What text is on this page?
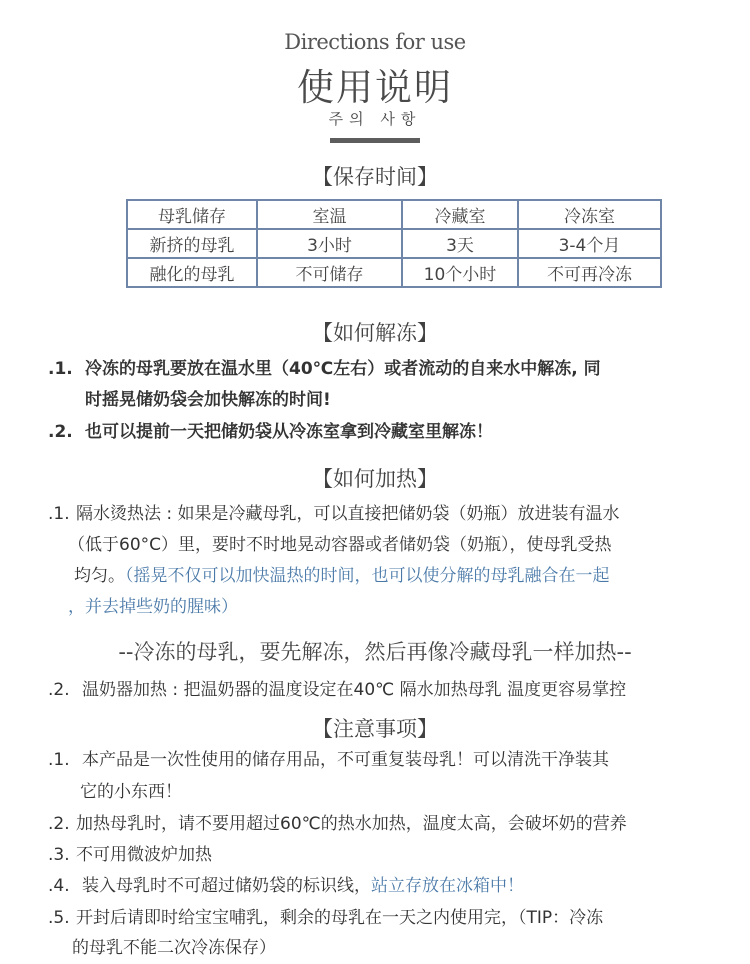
Directions for use
使用说明
주의 사항
【保存时间】
母乳储存	室温	冷藏室	冷冻室
新挤的母乳	3小时	3天	3-4个月
融化的母乳	不可储存	10个小时	不可再冷冻
【如何解冻】
.1. 冷冻的母乳要放在温水里（40℃左右）或者流动的自来水中解冻, 同
时摇晃储奶袋会加快解冻的时间!
.2. 也可以提前一天把储奶袋从冷冻室拿到冷藏室里解冻！
【如何加热】
.1. 隔水烫热法 : 如果是冷藏母乳，可以直接把储奶袋（奶瓶）放进装有温水
（低于60°C）里，要时不时地晃动容器或者储奶袋（奶瓶），使母乳受热
均匀。（摇晃不仅可以加快温热的时间，也可以使分解的母乳融合在一起
，并去掉些奶的腥味）
--冷冻的母乳，要先解冻，然后再像冷藏母乳一样加热--
.2. 温奶器加热 : 把温奶器的温度设定在40℃ 隔水加热母乳 温度更容易掌控
【注意事项】
.1. 本产品是一次性使用的储存用品，不可重复装母乳！可以清洗干净装其
它的小东西！
.2. 加热母乳时，请不要用超过60℃的热水加热，温度太高，会破坏奶的营养
.3. 不可用微波炉加热
.4. 装入母乳时不可超过储奶袋的标识线，站立存放在冰箱中！
.5. 开封后请即时给宝宝哺乳，剩余的母乳在一天之内使用完，（TIP：冷冻
的母乳不能二次冷冻保存）
